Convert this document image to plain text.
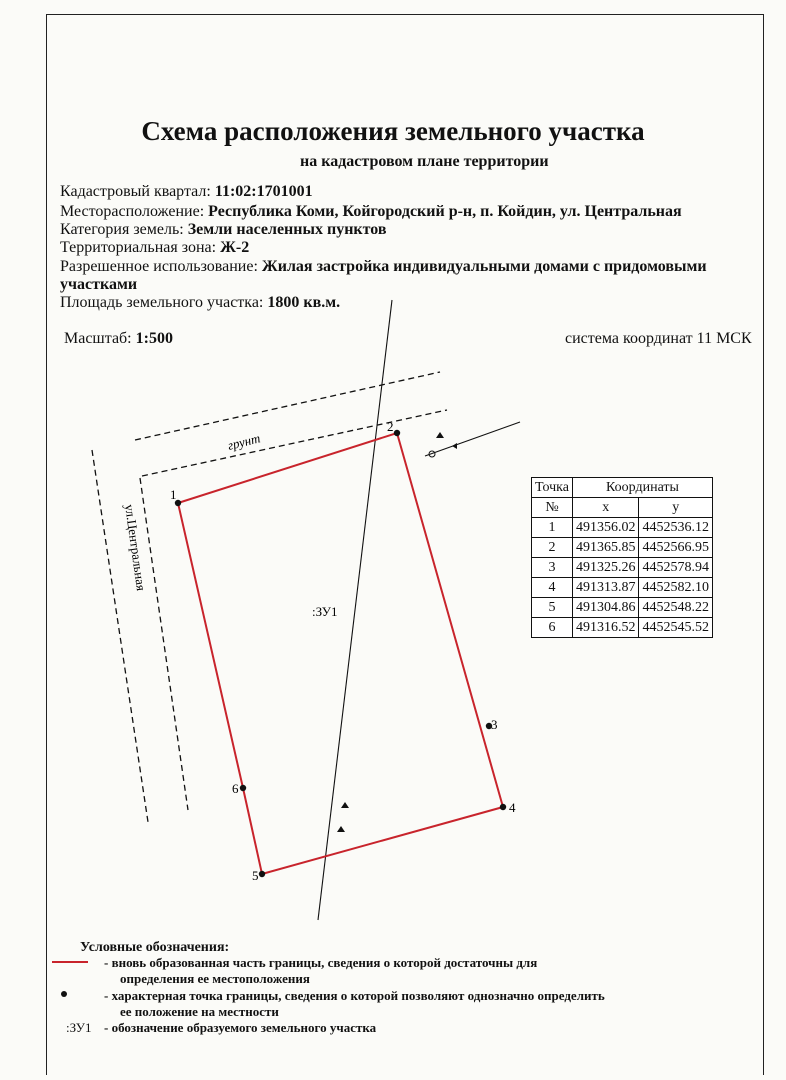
Схема расположения земельного участка
на кадастровом плане территории
Кадастровый квартал: 11:02:1701001
Месторасположение: Республика Коми, Койгородский р-н, п. Койдин, ул. Центральная
Категория земель: Земли населенных пунктов
Территориальная зона: Ж-2
Разрешенное использование: Жилая застройка индивидуальными домами с придомовыми участками
Площадь земельного участка: 1800 кв.м.
Масштаб: 1:500	система координат 11 МСК
1
2
3
4
5
6
грунт
ул.Центральная
:ЗУ1
Точка	Координаты	
№	x	y
1	491356.02	4452536.12
2	491365.85	4452566.95
3	491325.26	4452578.94
4	491313.87	4452582.10
5	491304.86	4452548.22
6	491316.52	4452545.52
Условные обозначения:
- вновь образованная часть границы, сведения о которой достаточны для
определения ее местоположения
- характерная точка границы, сведения о которой позволяют однозначно определить
ее положение на местности
:ЗУ1 - обозначение образуемого земельного участка
